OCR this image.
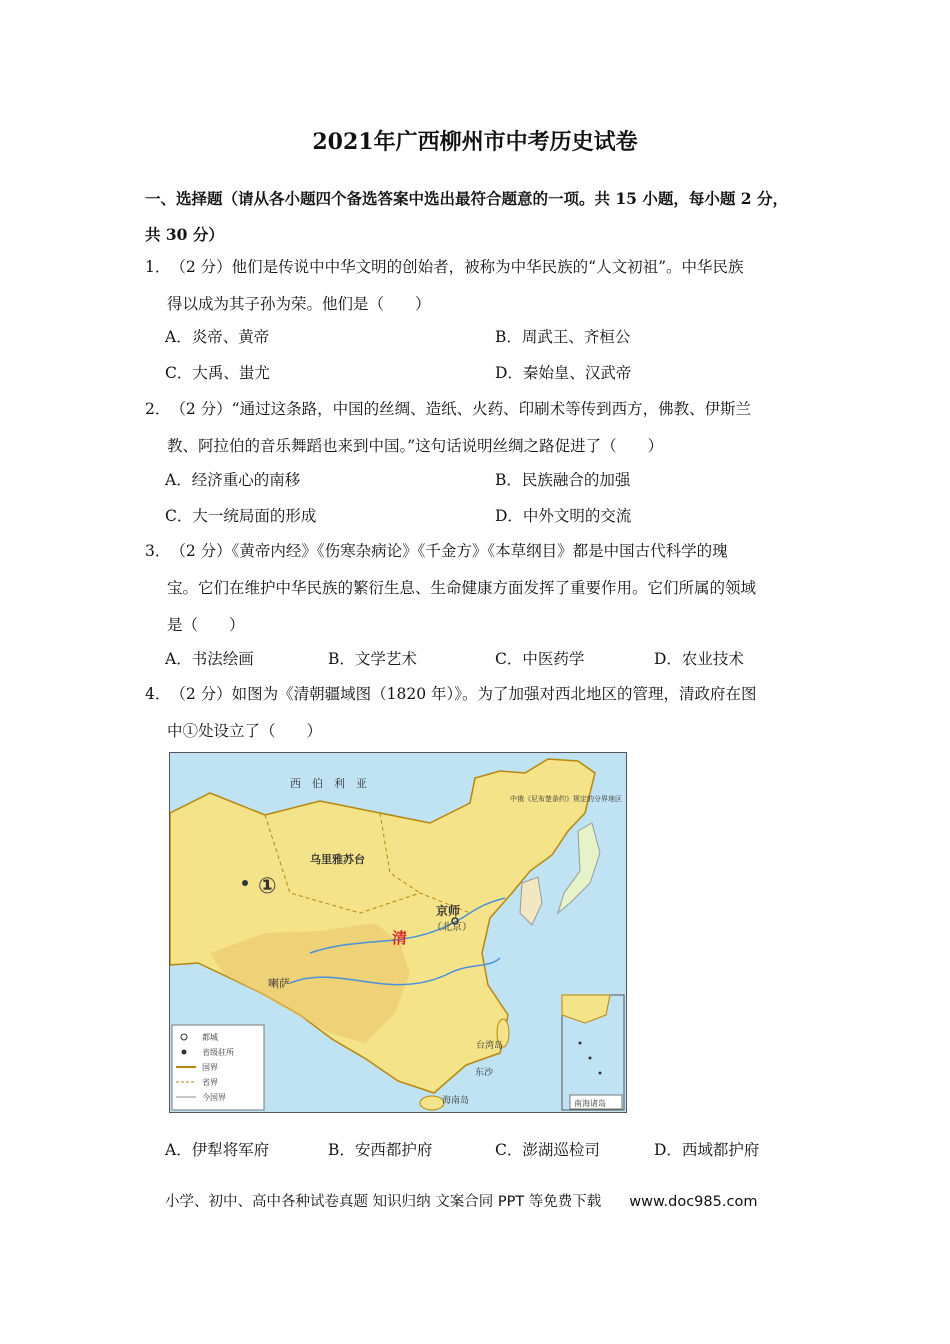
2021年广西柳州市中考历史试卷
一、选择题（请从各小题四个备选答案中选出最符合题意的一项。共 15 小题，每小题 2 分，
共 30 分）
1．（2 分）他们是传说中中华文明的创始者，被称为中华民族的“人文初祖”。中华民族
得以成为其子孙为荣。他们是（　　）
A．炎帝、黄帝	B．周武王、齐桓公
C．大禹、蚩尤	D．秦始皇、汉武帝
2．（2 分）“通过这条路，中国的丝绸、造纸、火药、印刷术等传到西方，佛教、伊斯兰
教、阿拉伯的音乐舞蹈也来到中国。”这句话说明丝绸之路促进了（　　）
A．经济重心的南移	B．民族融合的加强
C．大一统局面的形成	D．中外文明的交流
3．（2 分）《黄帝内经》《伤寒杂病论》《千金方》《本草纲目》都是中国古代科学的瑰
宝。它们在维护中华民族的繁衍生息、生命健康方面发挥了重要作用。它们所属的领域
是（　　）
A．书法绘画	B．文学艺术	C．中医药学	D．农业技术
4．（2 分）如图为《清朝疆域图（1820 年）》。为了加强对西北地区的管理，清政府在图
中①处设立了（　　）
西　伯　利　亚
乌里雅苏台
①
京师
（北京）
清
喇萨
台湾岛
海南岛
东沙
中俄《尼布楚条约》规定的分界地区
都城
省级驻所
国界
省界
今国界
南海诸岛
A．伊犁将军府	B．安西都护府	C．澎湖巡检司	D．西域都护府
小学、初中、高中各种试卷真题 知识归纳 文案合同 PPT 等免费下载 www.doc985.com
